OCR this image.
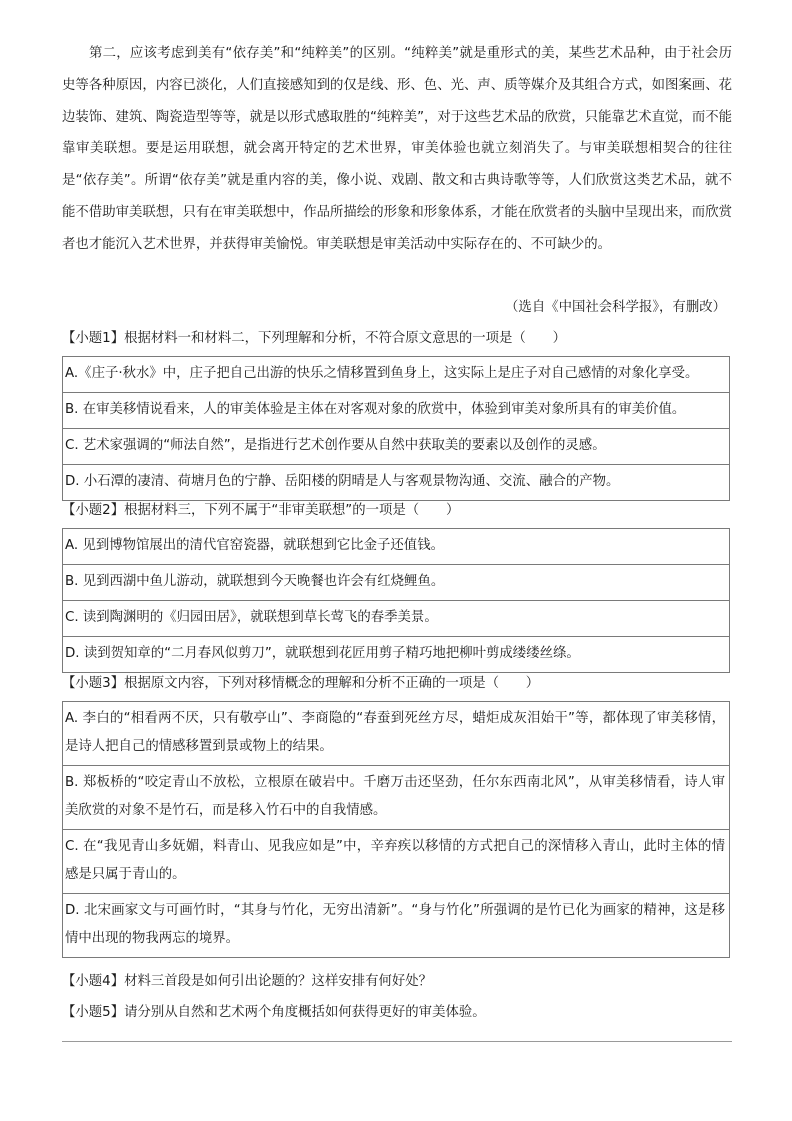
第二，应该考虑到美有“依存美”和“纯粹美”的区别。“纯粹美”就是重形式的美，某些艺术品种，由于社会历史等各种原因，内容已淡化，人们直接感知到的仅是线、形、色、光、声、质等媒介及其组合方式，如图案画、花边装饰、建筑、陶瓷造型等等，就是以形式感取胜的“纯粹美”，对于这些艺术品的欣赏，只能靠艺术直觉，而不能靠审美联想。要是运用联想，就会离开特定的艺术世界，审美体验也就立刻消失了。与审美联想相契合的往往是“依存美”。所谓“依存美”就是重内容的美，像小说、戏剧、散文和古典诗歌等等，人们欣赏这类艺术品，就不能不借助审美联想，只有在审美联想中，作品所描绘的形象和形象体系，才能在欣赏者的头脑中呈现出来，而欣赏者也才能沉入艺术世界，并获得审美愉悦。审美联想是审美活动中实际存在的、不可缺少的。

（选自《中国社会科学报》，有删改）

【小题1】根据材料一和材料二，下列理解和分析，不符合原文意思的一项是（　　）

A.《庄子·秋水》中，庄子把自己出游的快乐之情移置到鱼身上，这实际上是庄子对自己感情的对象化享受。
B. 在审美移情说看来，人的审美体验是主体在对客观对象的欣赏中，体验到审美对象所具有的审美价值。
C. 艺术家强调的“师法自然”，是指进行艺术创作要从自然中获取美的要素以及创作的灵感。
D. 小石潭的凄清、荷塘月色的宁静、岳阳楼的阴晴是人与客观景物沟通、交流、融合的产物。

【小题2】根据材料三，下列不属于“非审美联想”的一项是（　　）

A. 见到博物馆展出的清代官窑瓷器，就联想到它比金子还值钱。
B. 见到西湖中鱼儿游动，就联想到今天晚餐也许会有红烧鲤鱼。
C. 读到陶渊明的《归园田居》，就联想到草长莺飞的春季美景。
D. 读到贺知章的“二月春风似剪刀”，就联想到花匠用剪子精巧地把柳叶剪成缕缕丝绦。

【小题3】根据原文内容，下列对移情概念的理解和分析不正确的一项是（　　）

A. 李白的“相看两不厌，只有敬亭山”、李商隐的“春蚕到死丝方尽，蜡炬成灰泪始干”等，都体现了审美移情，是诗人把自己的情感移置到景或物上的结果。
B. 郑板桥的“咬定青山不放松，立根原在破岩中。千磨万击还坚劲，任尔东西南北风”，从审美移情看，诗人审美欣赏的对象不是竹石，而是移入竹石中的自我情感。
C. 在“我见青山多妩媚，料青山、见我应如是”中，辛弃疾以移情的方式把自己的深情移入青山，此时主体的情感是只属于青山的。
D. 北宋画家文与可画竹时，“其身与竹化，无穷出清新”。“身与竹化”所强调的是竹已化为画家的精神，这是移情中出现的物我两忘的境界。

【小题4】材料三首段是如何引出论题的？这样安排有何好处？

【小题5】请分别从自然和艺术两个角度概括如何获得更好的审美体验。
